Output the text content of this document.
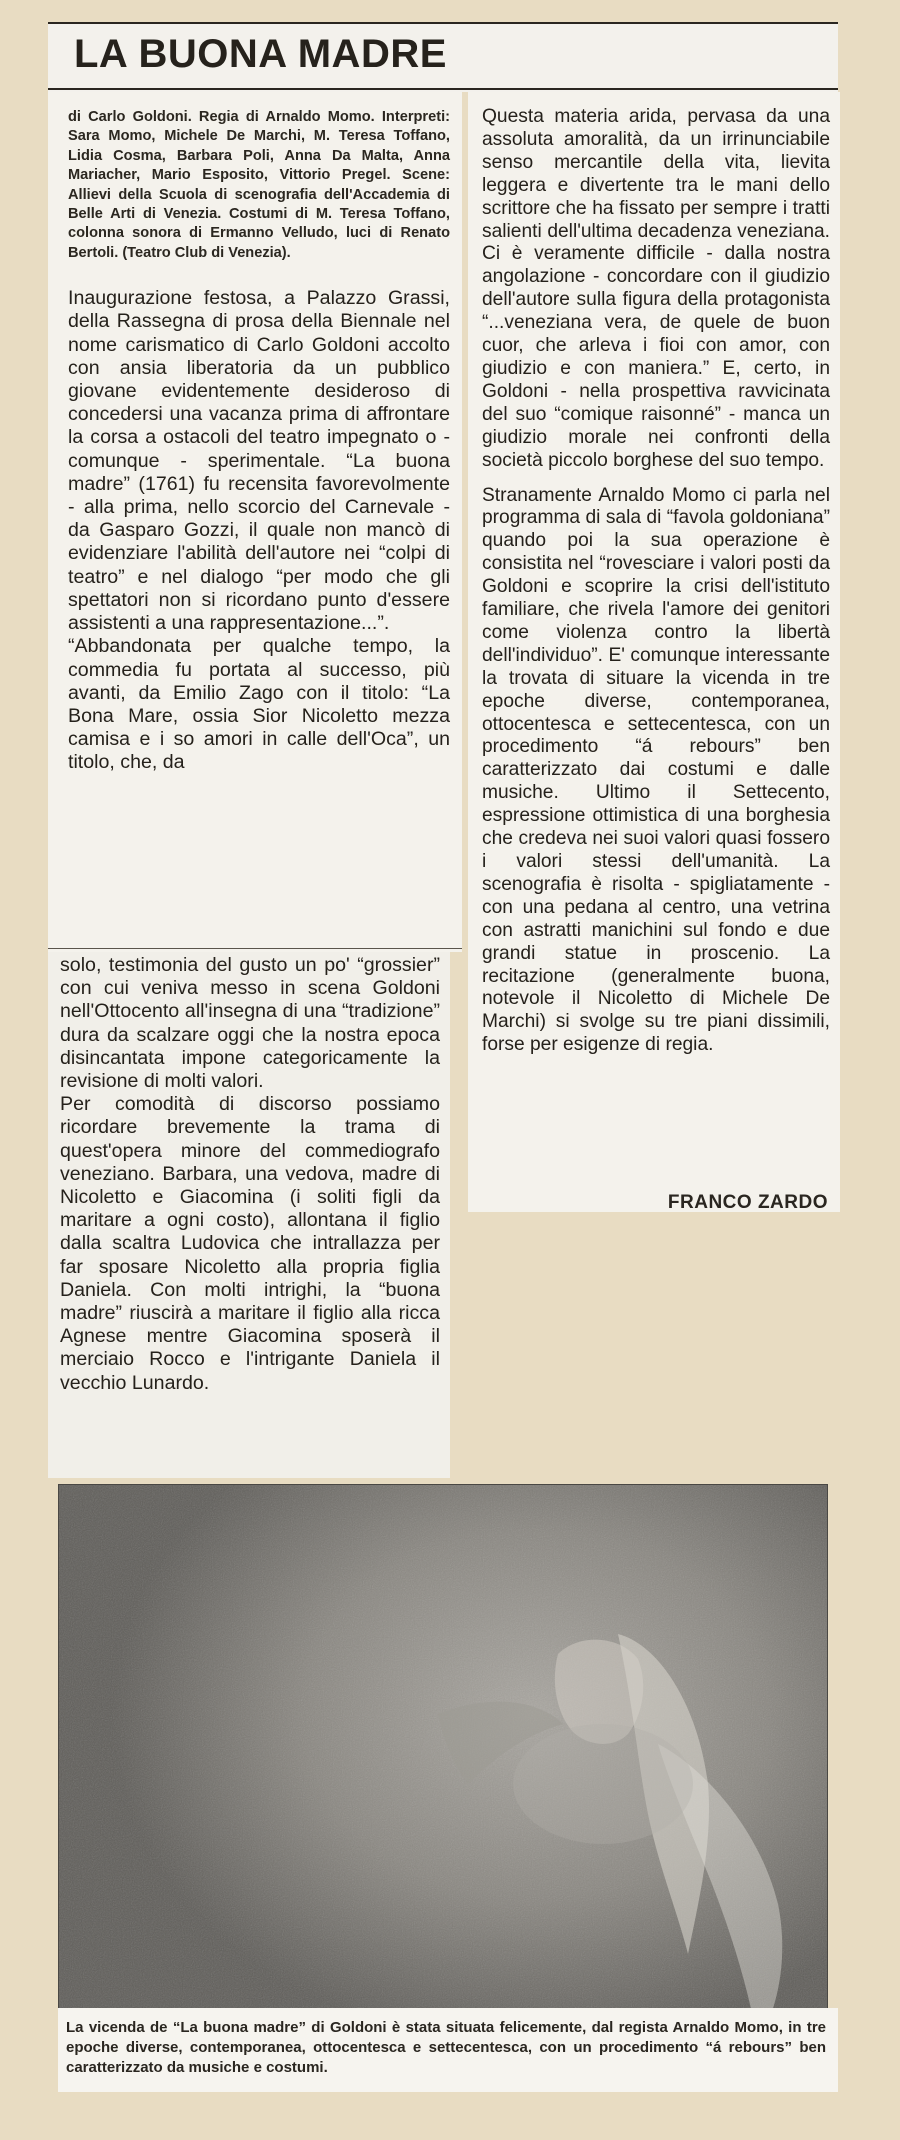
LA BUONA MADRE

di Carlo Goldoni. Regia di Arnaldo Momo. Interpreti: Sara Momo, Michele De Marchi, M. Teresa Toffano, Lidia Cosma, Barbara Poli, Anna Da Malta, Anna Mariacher, Mario Esposito, Vittorio Pregel. Scene: Allievi della Scuola di scenografia dell'Accademia di Belle Arti di Venezia. Costumi di M. Teresa Toffano, colonna sonora di Ermanno Velludo, luci di Renato Bertoli. (Teatro Club di Venezia).

Inaugurazione festosa, a Palazzo Grassi, della Rassegna di prosa della Biennale nel nome carismatico di Carlo Goldoni accolto con ansia liberatoria da un pubblico giovane evidentemente desideroso di concedersi una vacanza prima di affrontare la corsa a ostacoli del teatro impegnato o - comunque - sperimentale. “La buona madre” (1761) fu recensita favorevolmente - alla prima, nello scorcio del Carnevale - da Gasparo Gozzi, il quale non mancò di evidenziare l'abilità dell'autore nei “colpi di teatro” e nel dialogo “per modo che gli spettatori non si ricordano punto d'essere assistenti a una rappresentazione...”.

“Abbandonata per qualche tempo, la commedia fu portata al successo, più avanti, da Emilio Zago con il titolo: “La Bona Mare, ossia Sior Nicoletto mezza camisa e i so amori in calle dell'Oca”, un titolo, che, da

solo, testimonia del gusto un po' “grossier” con cui veniva messo in scena Goldoni nell'Ottocento all'insegna di una “tradizione” dura da scalzare oggi che la nostra epoca disincantata impone categoricamente la revisione di molti valori.

Per comodità di discorso possiamo ricordare brevemente la trama di quest'opera minore del commediografo veneziano. Barbara, una vedova, madre di Nicoletto e Giacomina (i soliti figli da maritare a ogni costo), allontana il figlio dalla scaltra Ludovica che intrallazza per far sposare Nicoletto alla propria figlia Daniela. Con molti intrighi, la “buona madre” riuscirà a maritare il figlio alla ricca Agnese mentre Giacomina sposerà il merciaio Rocco e l'intrigante Daniela il vecchio Lunardo.

Questa materia arida, pervasa da una assoluta amoralità, da un irrinunciabile senso mercantile della vita, lievita leggera e divertente tra le mani dello scrittore che ha fissato per sempre i tratti salienti dell'ultima decadenza veneziana. Ci è veramente difficile - dalla nostra angolazione - concordare con il giudizio dell'autore sulla figura della protagonista “...veneziana vera, de quele de buon cuor, che arleva i fioi con amor, con giudizio e con maniera.” E, certo, in Goldoni - nella prospettiva ravvicinata del suo “comique raisonné” - manca un giudizio morale nei confronti della società piccolo borghese del suo tempo.

Stranamente Arnaldo Momo ci parla nel programma di sala di “favola goldoniana” quando poi la sua operazione è consistita nel “rovesciare i valori posti da Goldoni e scoprire la crisi dell'istituto familiare, che rivela l'amore dei genitori come violenza contro la libertà dell'individuo”. E' comunque interessante la trovata di situare la vicenda in tre epoche diverse, contemporanea, ottocentesca e settecentesca, con un procedimento “á rebours” ben caratterizzato dai costumi e dalle musiche. Ultimo il Settecento, espressione ottimistica di una borghesia che credeva nei suoi valori quasi fossero i valori stessi dell'umanità. La scenografia è risolta - spigliatamente - con una pedana al centro, una vetrina con astratti manichini sul fondo e due grandi statue in proscenio. La recitazione (generalmente buona, notevole il Nicoletto di Michele De Marchi) si svolge su tre piani dissimili, forse per esigenze di regia.

FRANCO ZARDO
La vicenda de “La buona madre” di Goldoni è stata situata felicemente, dal regista Arnaldo Momo, in tre epoche diverse, contemporanea, ottocentesca e settecentesca, con un procedimento “á rebours” ben caratterizzato da musiche e costumi.
